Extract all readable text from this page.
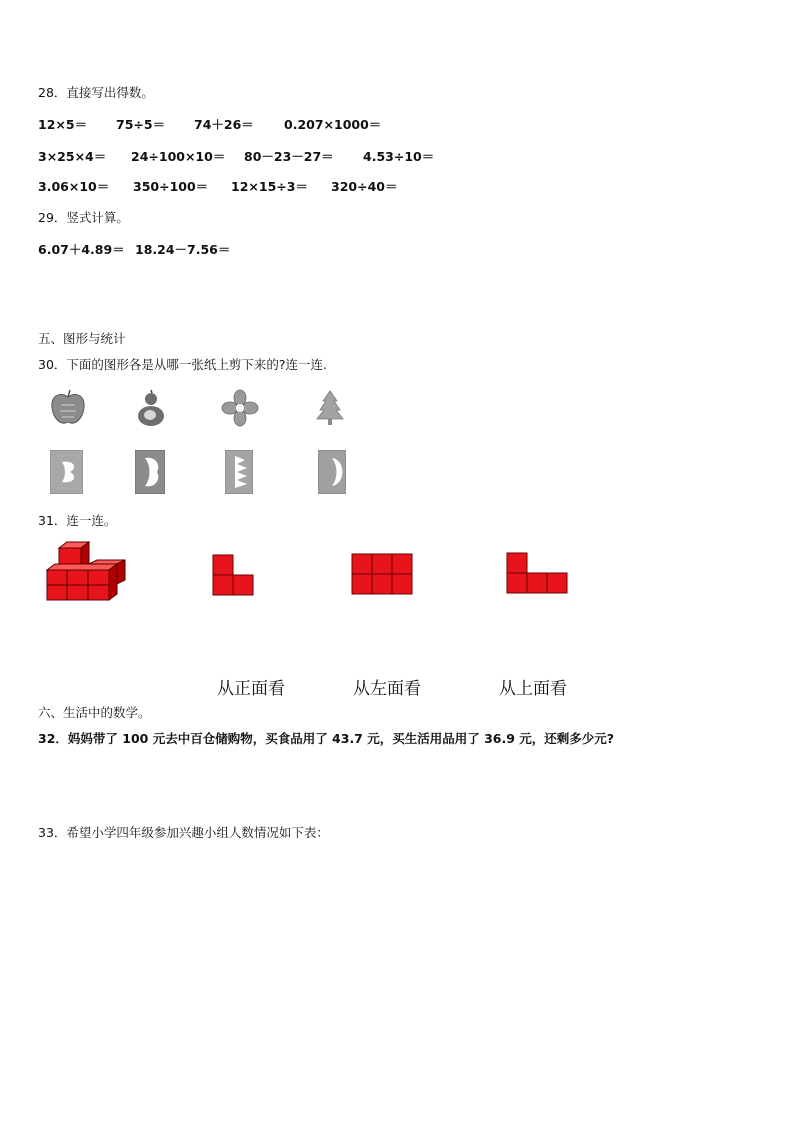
28．直接写出得数。
12×5＝ 75÷5＝ 74＋26＝ 0.207×1000＝
3×25×4＝ 24÷100×10＝ 80－23－27＝ 4.53÷10＝
3.06×10＝ 350÷100＝ 12×15÷3＝ 320÷40＝
29．竖式计算。
6.07＋4.89＝ 18.24－7.56＝
五、图形与统计
30．下面的图形各是从哪一张纸上剪下来的?连一连.
31．连一连。
从正面看	从左面看	从上面看
六、生活中的数学。
32．妈妈带了 100 元去中百仓储购物，买食品用了 43.7 元，买生活用品用了 36.9 元，还剩多少元?
33．希望小学四年级参加兴趣小组人数情况如下表：
